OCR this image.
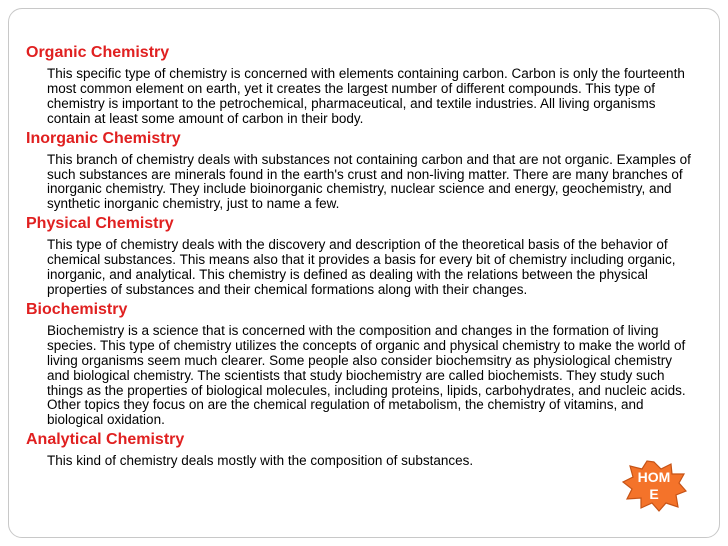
Organic Chemistry
This specific type of chemistry is concerned with elements containing carbon. Carbon is only the fourteenth most common element on earth, yet it creates the largest number of different compounds. This type of chemistry is important to the petrochemical, pharmaceutical, and textile industries. All living organisms contain at least some amount of carbon in their body.
Inorganic Chemistry
This branch of chemistry deals with substances not containing carbon and that are not organic. Examples of such substances are minerals found in the earth's crust and non-living matter. There are many branches of inorganic chemistry. They include bioinorganic chemistry, nuclear science and energy, geochemistry, and synthetic inorganic chemistry, just to name a few.
Physical Chemistry
This type of chemistry deals with the discovery and description of the theoretical basis of the behavior of chemical substances. This means also that it provides a basis for every bit of chemistry including organic, inorganic, and analytical. This chemistry is defined as dealing with the relations between the physical properties of substances and their chemical formations along with their changes.
Biochemistry
Biochemistry is a science that is concerned with the composition and changes in the formation of living species. This type of chemistry utilizes the concepts of organic and physical chemistry to make the world of living organisms seem much clearer. Some people also consider biochemsitry as physiological chemistry and biological chemistry. The scientists that study biochemistry are called biochemists. They study such things as the properties of biological molecules, including proteins, lipids, carbohydrates, and nucleic acids. Other topics they focus on are the chemical regulation of metabolism, the chemistry of vitamins, and biological oxidation.
Analytical Chemistry
This kind of chemistry deals mostly with the composition of substances.
HOME
